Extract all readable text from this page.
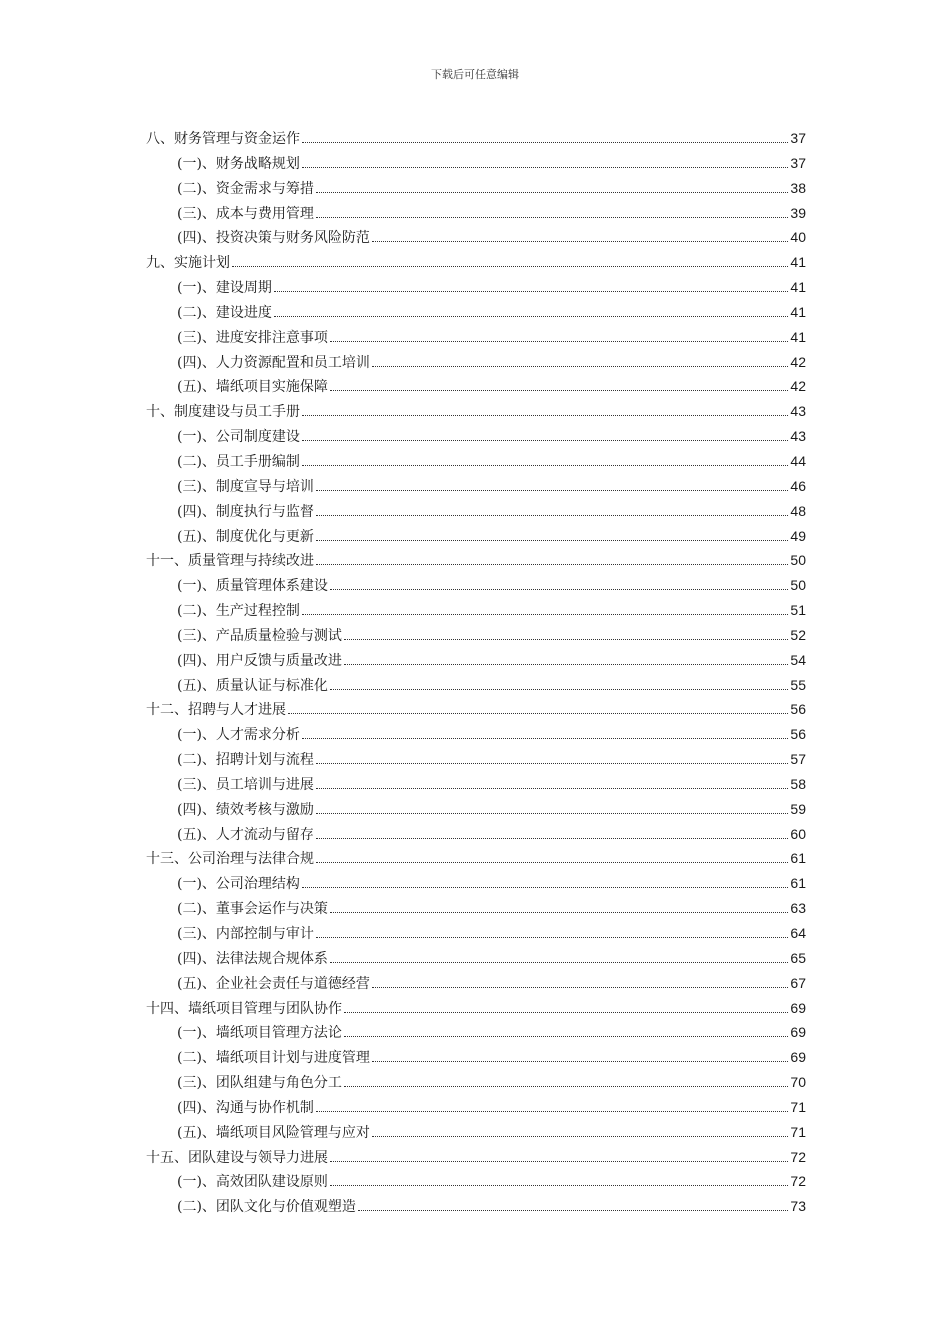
下载后可任意编辑
八、财务管理与资金运作	37
(一)、财务战略规划	37
(二)、资金需求与筹措	38
(三)、成本与费用管理	39
(四)、投资决策与财务风险防范	40
九、实施计划	41
(一)、建设周期	41
(二)、建设进度	41
(三)、进度安排注意事项	41
(四)、人力资源配置和员工培训	42
(五)、墙纸项目实施保障	42
十、制度建设与员工手册	43
(一)、公司制度建设	43
(二)、员工手册编制	44
(三)、制度宣导与培训	46
(四)、制度执行与监督	48
(五)、制度优化与更新	49
十一、质量管理与持续改进	50
(一)、质量管理体系建设	50
(二)、生产过程控制	51
(三)、产品质量检验与测试	52
(四)、用户反馈与质量改进	54
(五)、质量认证与标准化	55
十二、招聘与人才进展	56
(一)、人才需求分析	56
(二)、招聘计划与流程	57
(三)、员工培训与进展	58
(四)、绩效考核与激励	59
(五)、人才流动与留存	60
十三、公司治理与法律合规	61
(一)、公司治理结构	61
(二)、董事会运作与决策	63
(三)、内部控制与审计	64
(四)、法律法规合规体系	65
(五)、企业社会责任与道德经营	67
十四、墙纸项目管理与团队协作	69
(一)、墙纸项目管理方法论	69
(二)、墙纸项目计划与进度管理	69
(三)、团队组建与角色分工	70
(四)、沟通与协作机制	71
(五)、墙纸项目风险管理与应对	71
十五、团队建设与领导力进展	72
(一)、高效团队建设原则	72
(二)、团队文化与价值观塑造	73
